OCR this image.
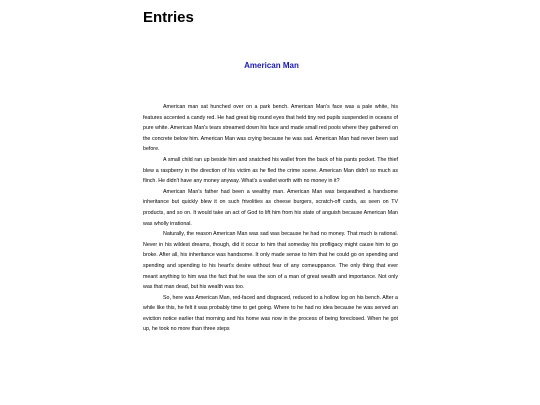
Entries
American Man

American man sat hunched over on a park bench. American Man's face was a pale white, his features accented a candy red. He had great big round eyes that held tiny red pupils suspended in oceans of pure white. American Man's tears streamed down his face and made small red pools where they gathered on the concrete below him. American Man was crying because he was sad. American Man had never been sad before.

A small child ran up beside him and snatched his wallet from the back of his pants pocket. The thief blew a raspberry in the direction of his victim as he fled the crime scene. American Man didn't so much as flinch. He didn't have any money anyway. What's a wallet worth with no money in it?

American Man's father had been a wealthy man. American Man was bequeathed a handsome inheritance but quickly blew it on such frivolities as cheese burgers, scratch-off cards, as seen on TV products, and so on. It would take an act of God to lift him from his state of anguish because American Man was wholly irrational.

Naturally, the reason American Man was sad was because he had no money. That much is rational. Never in his wildest dreams, though, did it occur to him that someday his profligacy might cause him to go broke. After all, his inheritance was handsome. It only made sense to him that he could go on spending and spending and spending to his heart's desire without fear of any comeuppance. The only thing that ever meant anything to him was the fact that he was the son of a man of great wealth and importance. Not only was that man dead, but his wealth was too.

So, here was American Man, red-faced and disgraced, reduced to a hollow log on his bench. After a while like this, he felt it was probably time to get going. Where to he had no idea because he was served an eviction notice earlier that morning and his home was now in the process of being foreclosed. When he got up, he took no more than three steps
